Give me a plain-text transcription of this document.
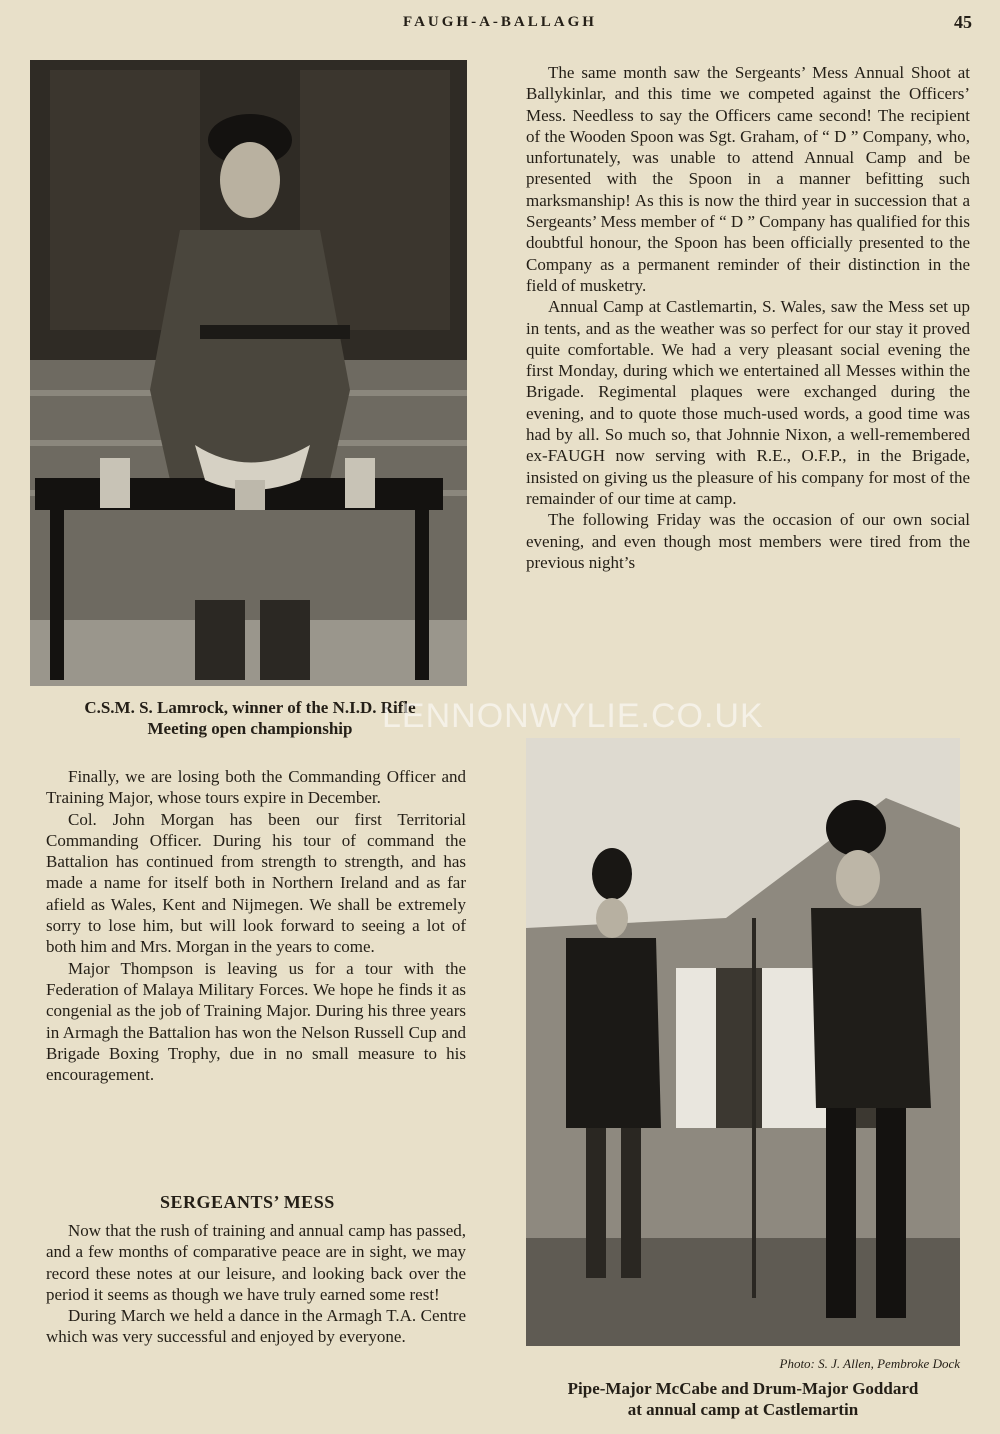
FAUGH-A-BALLAGH	45
C.S.M. S. Lamrock, winner of the N.I.D. Rifle
Meeting open championship

The same month saw the Sergeants’ Mess Annual Shoot at Ballykinlar, and this time we competed against the Officers’ Mess. Needless to say the Officers came second! The recipient of the Wooden Spoon was Sgt. Graham, of “ D ” Company, who, unfortunately, was unable to attend Annual Camp and be presented with the Spoon in a manner befitting such marksmanship! As this is now the third year in succession that a Sergeants’ Mess member of “ D ” Company has qualified for this doubtful honour, the Spoon has been officially presented to the Company as a permanent reminder of their distinction in the field of musketry.

Annual Camp at Castlemartin, S. Wales, saw the Mess set up in tents, and as the weather was so perfect for our stay it proved quite comfortable. We had a very pleasant social evening the first Monday, during which we entertained all Messes within the Brigade. Regimental plaques were exchanged during the evening, and to quote those much-used words, a good time was had by all. So much so, that Johnnie Nixon, a well-remembered ex-FAUGH now serving with R.E., O.F.P., in the Brigade, insisted on giving us the pleasure of his company for most of the remainder of our time at camp.

The following Friday was the occasion of our own social evening, and even though most members were tired from the previous night’s

LENNONWYLIE.CO.UK
Photo: S. J. Allen, Pembroke Dock
Pipe-Major McCabe and Drum-Major Goddard
at annual camp at Castlemartin

Finally, we are losing both the Commanding Officer and Training Major, whose tours expire in December.

Col. John Morgan has been our first Territorial Commanding Officer. During his tour of command the Battalion has continued from strength to strength, and has made a name for itself both in Northern Ireland and as far afield as Wales, Kent and Nijmegen. We shall be extremely sorry to lose him, but will look forward to seeing a lot of both him and Mrs. Morgan in the years to come.

Major Thompson is leaving us for a tour with the Federation of Malaya Military Forces. We hope he finds it as congenial as the job of Training Major. During his three years in Armagh the Battalion has won the Nelson Russell Cup and Brigade Boxing Trophy, due in no small measure to his encouragement.

SERGEANTS’ MESS

Now that the rush of training and annual camp has passed, and a few months of comparative peace are in sight, we may record these notes at our leisure, and looking back over the period it seems as though we have truly earned some rest!

During March we held a dance in the Armagh T.A. Centre which was very successful and enjoyed by everyone.
